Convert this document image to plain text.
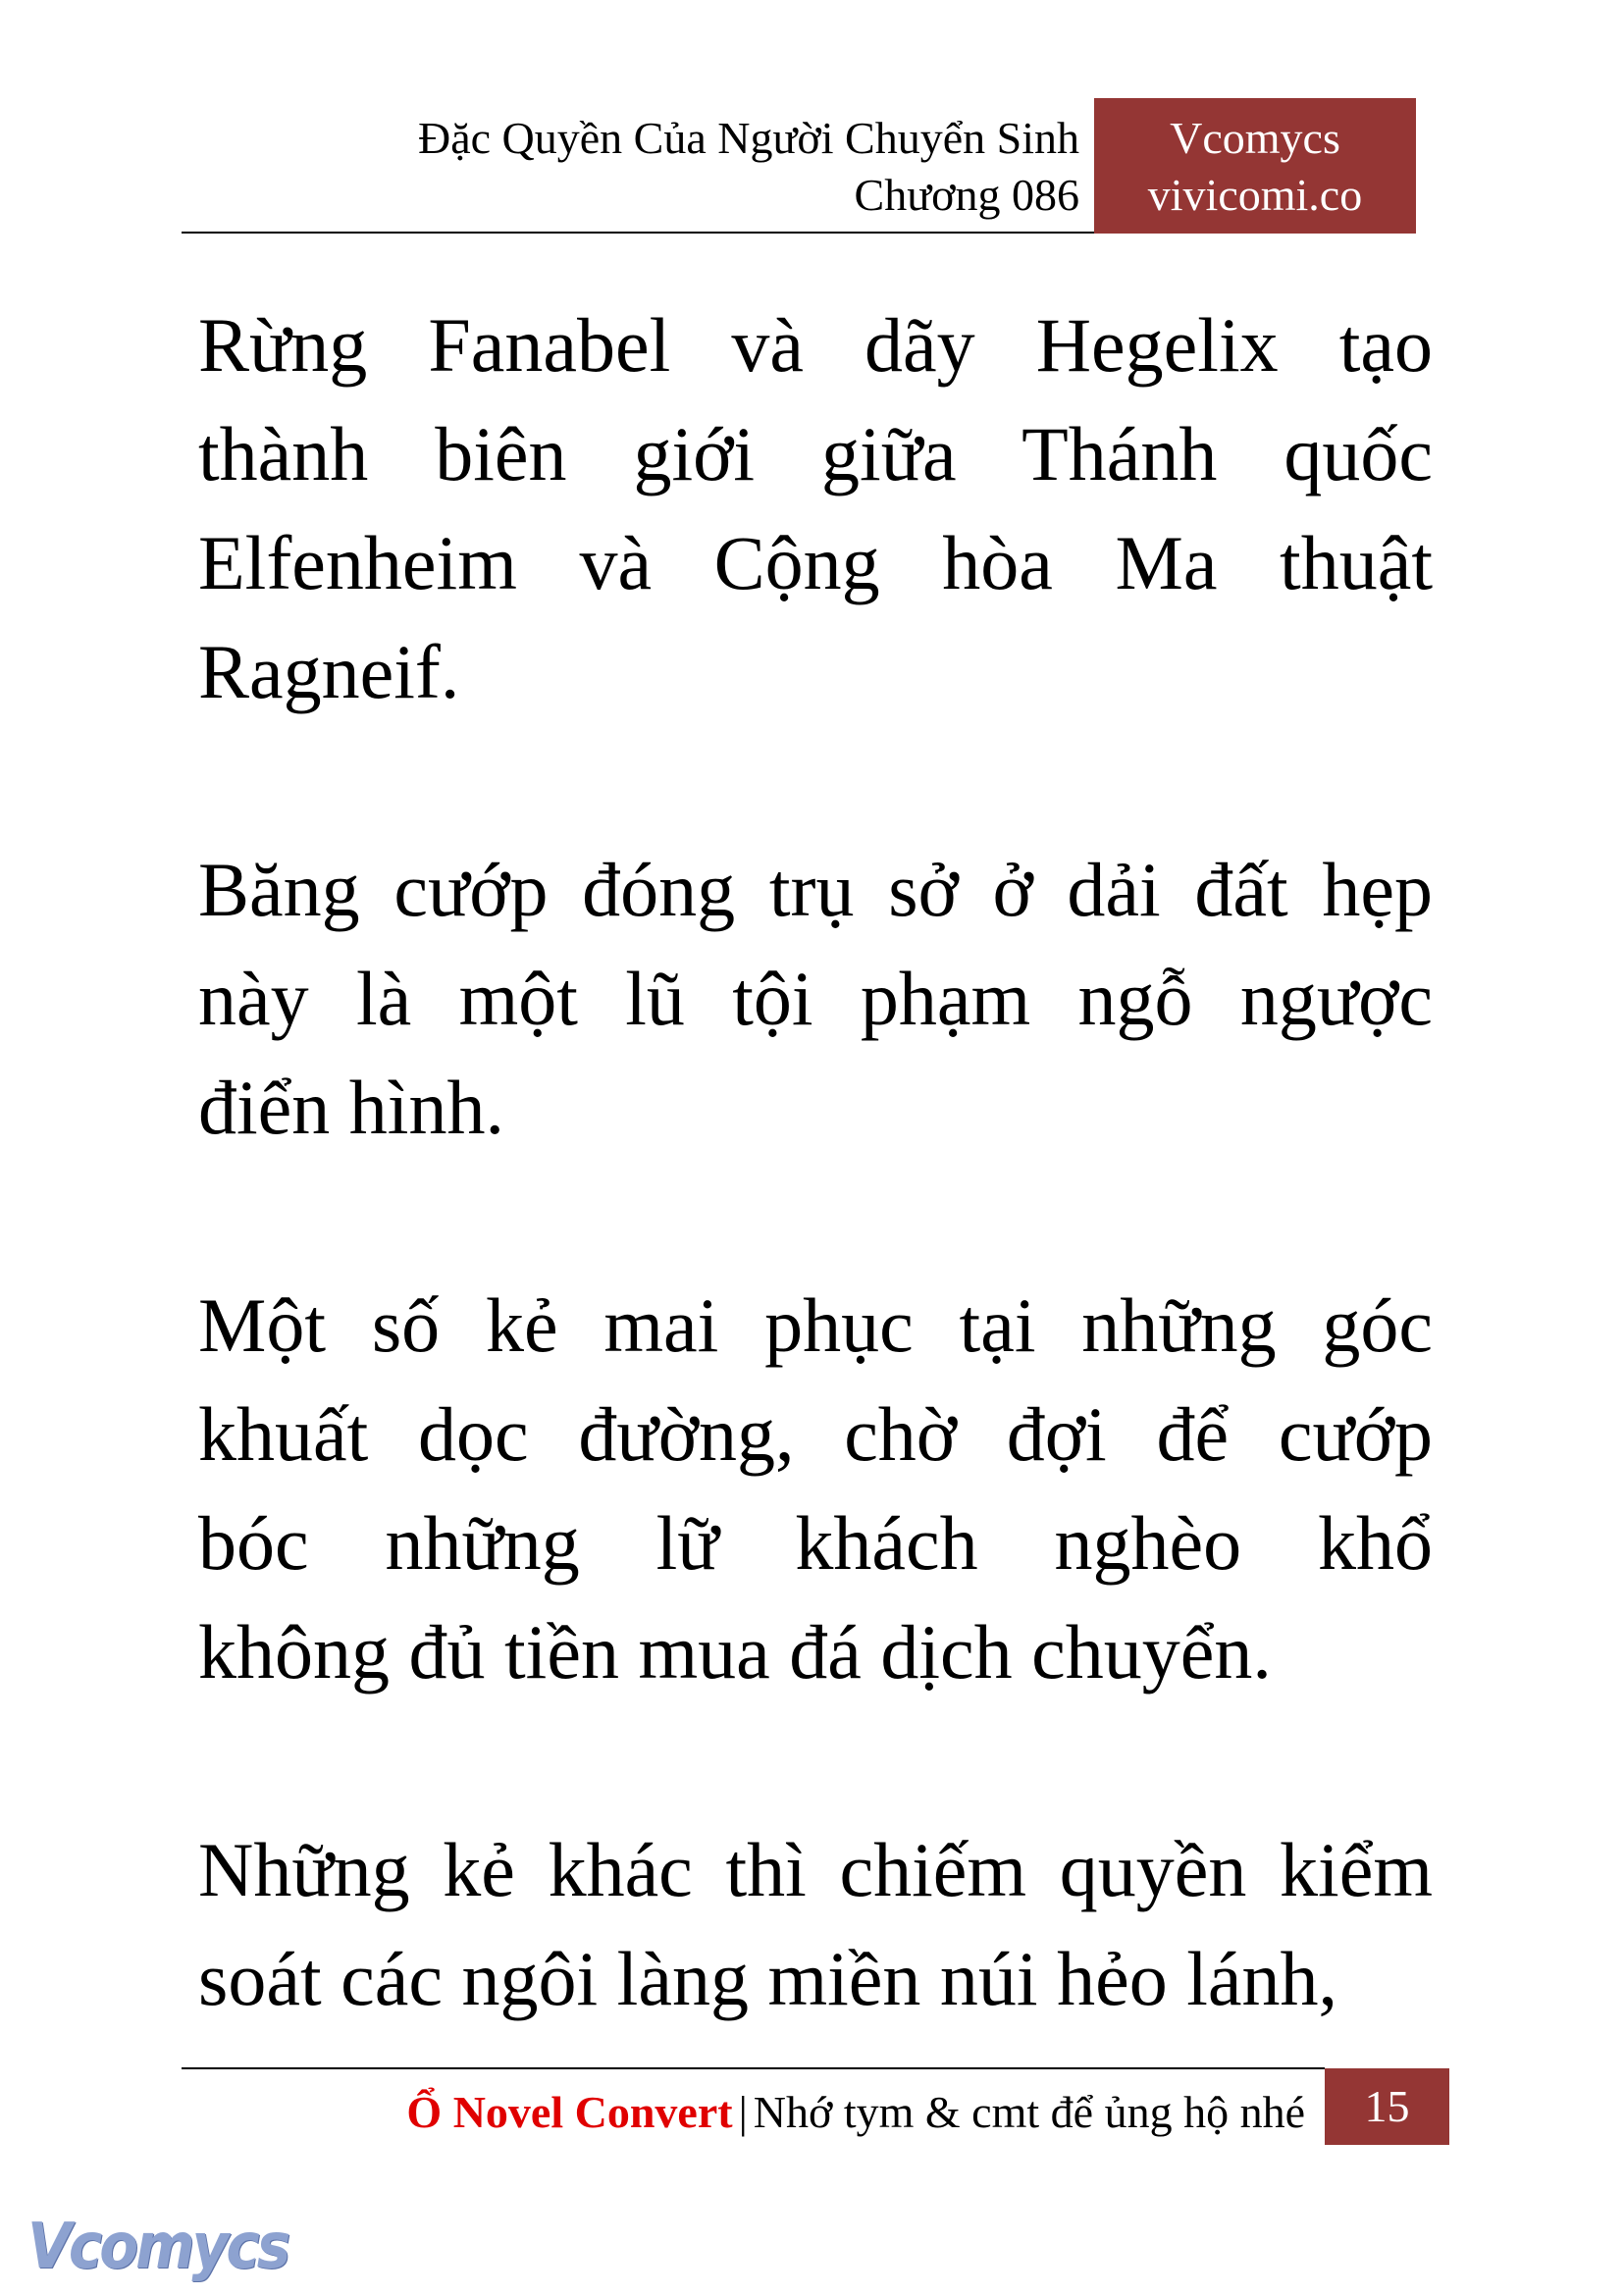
Đặc Quyền Của Người Chuyển Sinh
Chương 086
Vcomycs
vivicomi.co
Rừng Fanabel và dãy Hegelix tạo
thành biên giới giữa Thánh quốc
Elfenheim và Cộng hòa Ma thuật
Ragneif.
Băng cướp đóng trụ sở ở dải đất hẹp
này là một lũ tội phạm ngỗ ngược
điển hình.
Một số kẻ mai phục tại những góc
khuất dọc đường, chờ đợi để cướp
bóc những lữ khách nghèo khổ
không đủ tiền mua đá dịch chuyển.
Những kẻ khác thì chiếm quyền kiểm
soát các ngôi làng miền núi hẻo lánh,
Ổ Novel Convert | Nhớ tym & cmt để ủng hộ nhé	15
Vcomycs
